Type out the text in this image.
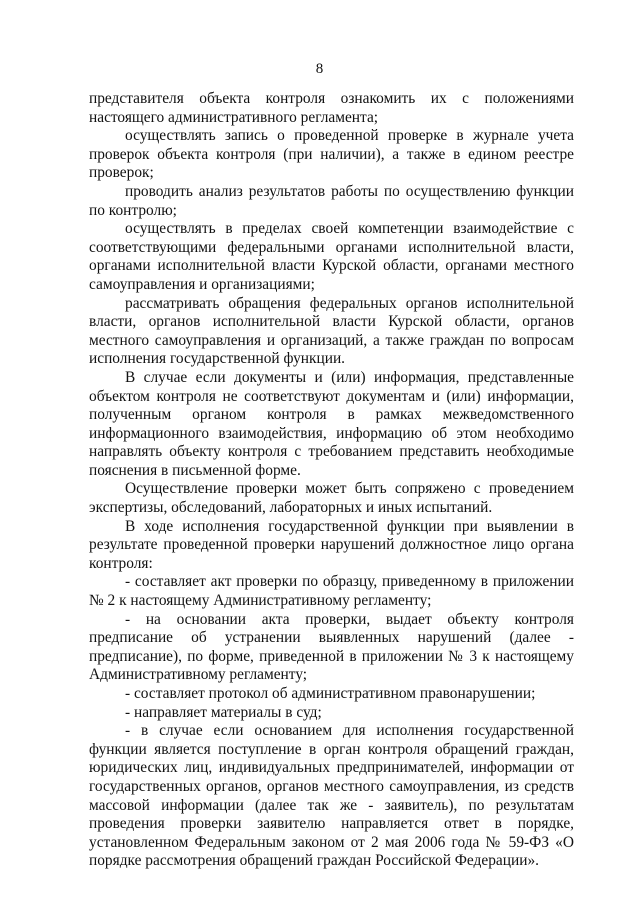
8

представителя объекта контроля ознакомить их с положениями настоящего административного регламента;

осуществлять запись о проведенной проверке в журнале учета проверок объекта контроля (при наличии), а также в едином реестре проверок;

проводить анализ результатов работы по осуществлению функции по контролю;

осуществлять в пределах своей компетенции взаимодействие с соответствующими федеральными органами исполнительной власти, органами исполнительной власти Курской области, органами местного самоуправления и организациями;

рассматривать обращения федеральных органов исполнительной власти, органов исполнительной власти Курской области, органов местного самоуправления и организаций, а также граждан по вопросам исполнения государственной функции.

В случае если документы и (или) информация, представленные объектом контроля не соответствуют документам и (или) информации, полученным органом контроля в рамках межведомственного информационного взаимодействия, информацию об этом необходимо направлять объекту контроля с требованием представить необходимые пояснения в письменной форме.

Осуществление проверки может быть сопряжено с проведением экспертизы, обследований, лабораторных и иных испытаний.

В ходе исполнения государственной функции при выявлении в результате проведенной проверки нарушений должностное лицо органа контроля:

- составляет акт проверки по образцу, приведенному в приложении № 2 к настоящему Административному регламенту;

- на основании акта проверки, выдает объекту контроля предписание об устранении выявленных нарушений (далее - предписание), по форме, приведенной в приложении № 3 к настоящему Административному регламенту;

- составляет протокол об административном правонарушении;

- направляет материалы в суд;

- в случае если основанием для исполнения государственной функции является поступление в орган контроля обращений граждан, юридических лиц, индивидуальных предпринимателей, информации от государственных органов, органов местного самоуправления, из средств массовой информации (далее так же - заявитель), по результатам проведения проверки заявителю направляется ответ в порядке, установленном Федеральным законом от 2 мая 2006 года № 59-ФЗ «О порядке рассмотрения обращений граждан Российской Федерации».
